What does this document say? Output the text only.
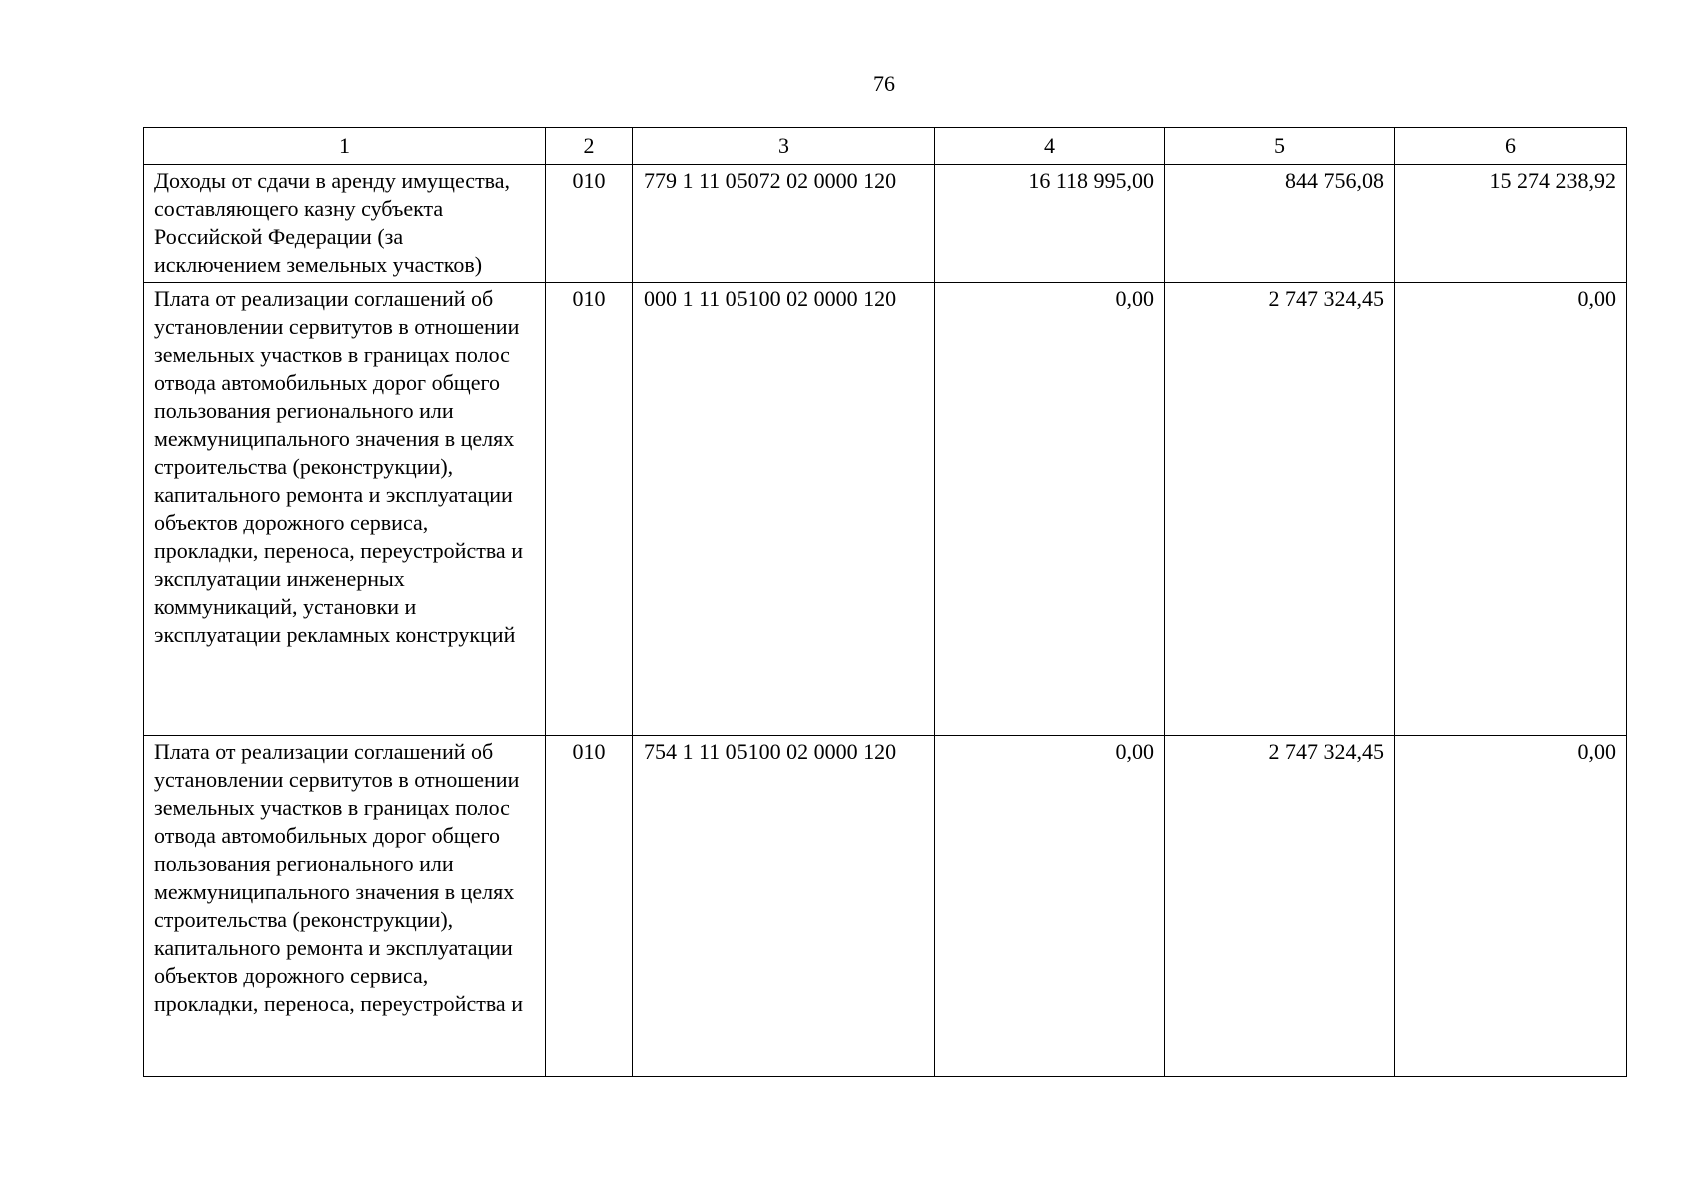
76
1	2	3	4	5	6

Доходы от сдачи в аренду имущества, составляющего казну субъекта Российской Федерации (за исключением земельных участков)	010	779 1 11 05072 02 0000 120	16 118 995,00	844 756,08	15 274 238,92

Плата от реализации соглашений об установлении сервитутов в отношении земельных участков в границах полос отвода автомобильных дорог общего пользования регионального или межмуниципального значения в целях строительства (реконструкции), капитального ремонта и эксплуатации объектов дорожного сервиса, прокладки, переноса, переустройства и эксплуатации инженерных коммуникаций, установки и эксплуатации рекламных конструкций	010	000 1 11 05100 02 0000 120	0,00	2 747 324,45	0,00

Плата от реализации соглашений об установлении сервитутов в отношении земельных участков в границах полос отвода автомобильных дорог общего пользования регионального или межмуниципального значения в целях строительства (реконструкции), капитального ремонта и эксплуатации объектов дорожного сервиса, прокладки, переноса, переустройства и	010	754 1 11 05100 02 0000 120	0,00	2 747 324,45	0,00
